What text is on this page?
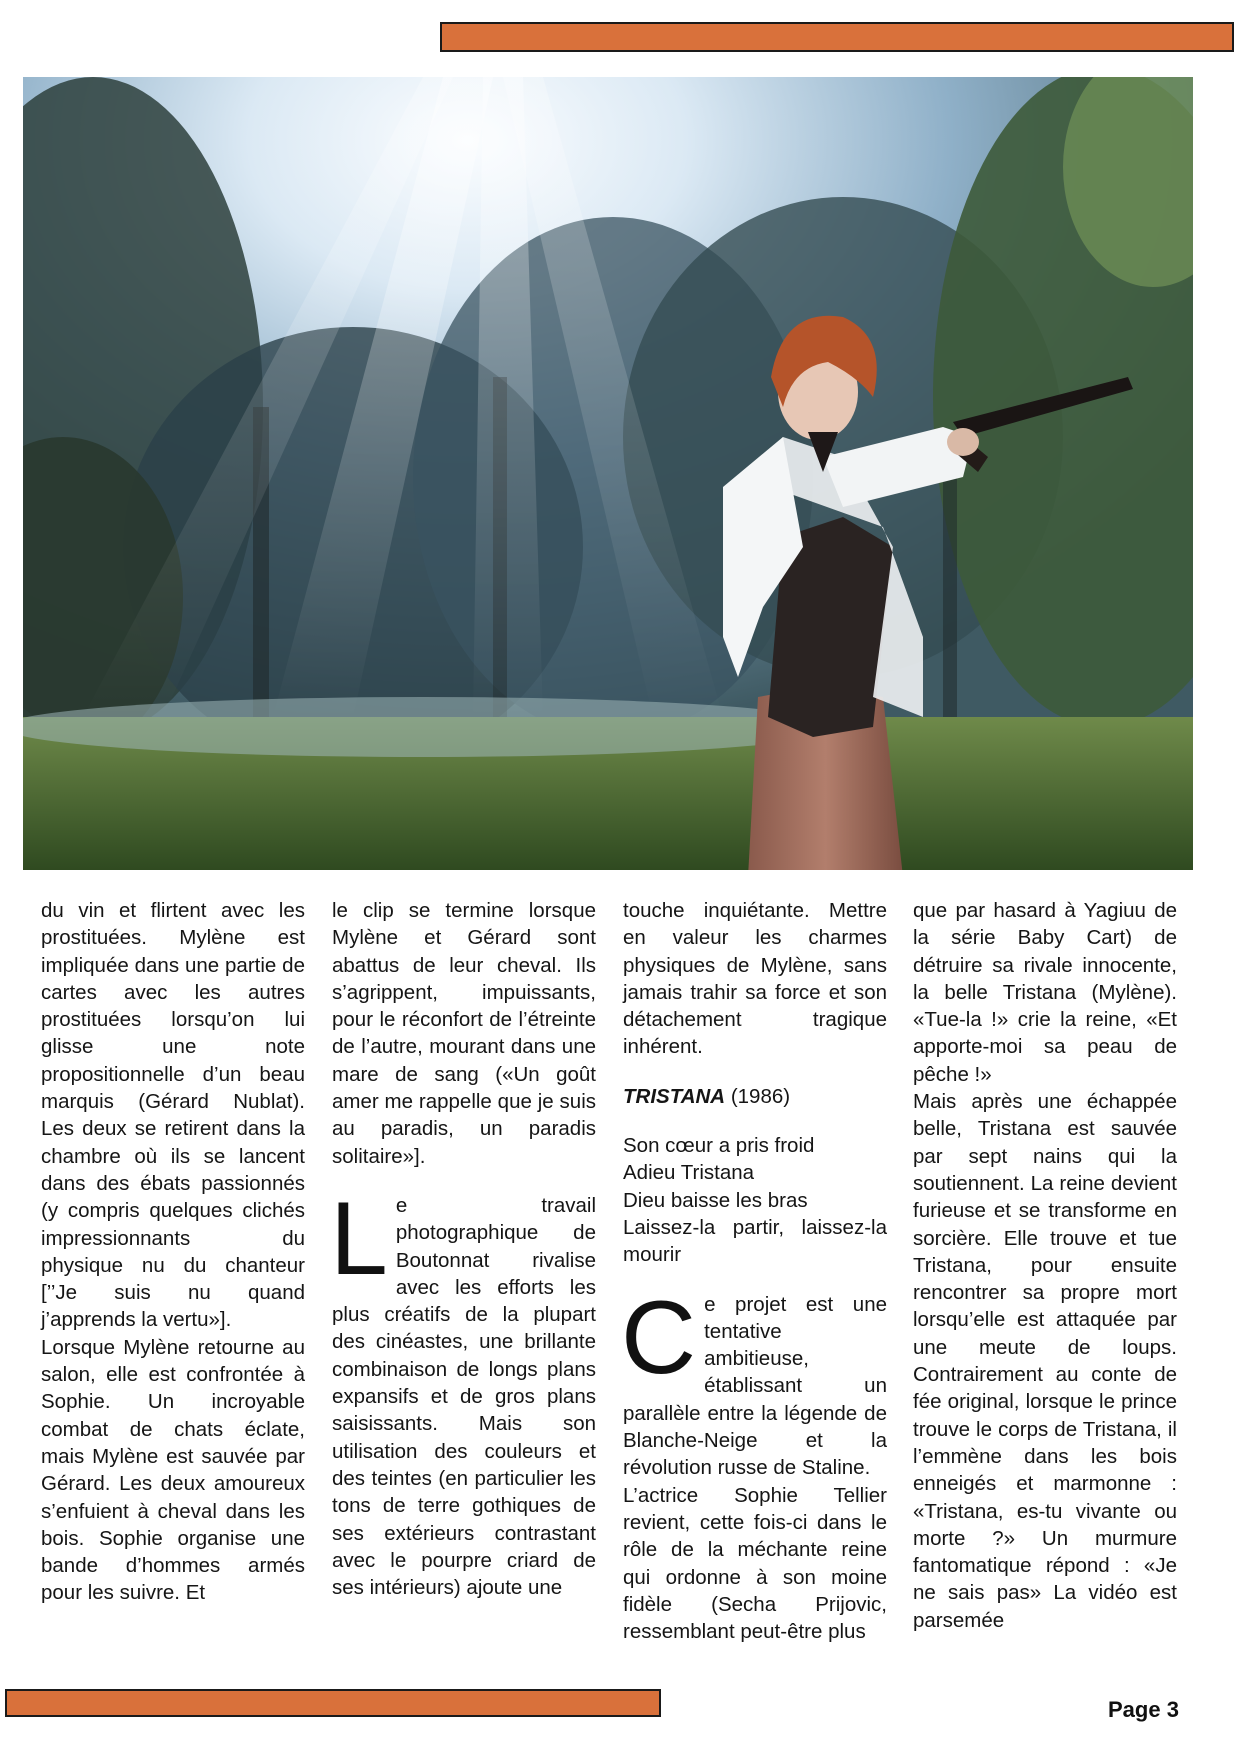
du vin et flirtent avec les prostituées. Mylène est impliquée dans une partie de cartes avec les autres prostituées lorsqu’on lui glisse une note propositionnelle d’un beau marquis (Gérard Nublat). Les deux se retirent dans la chambre où ils se lancent dans des ébats passionnés (y compris quelques clichés impressionnants du physique nu du chanteur [’’Je suis nu quand j’apprends la vertu»].

Lorsque Mylène retourne au salon, elle est confrontée à Sophie. Un incroyable combat de chats éclate, mais Mylène est sauvée par Gérard. Les deux amoureux s’enfuient à cheval dans les bois. Sophie organise une bande d’hommes armés pour les suivre. Et

le clip se termine lorsque Mylène et Gérard sont abattus de leur cheval. Ils s’agrippent, impuissants, pour le réconfort de l’étreinte de l’autre, mourant dans une mare de sang («Un goût amer me rappelle que je suis au paradis, un paradis solitaire»].

Le travail photographique de Boutonnat rivalise avec les efforts les plus créatifs de la plupart des cinéastes, une brillante combinaison de longs plans expansifs et de gros plans saisissants. Mais son utilisation des couleurs et des teintes (en particulier les tons de terre gothiques de ses extérieurs contrastant avec le pourpre criard de ses intérieurs) ajoute une

touche inquiétante. Mettre en valeur les charmes physiques de Mylène, sans jamais trahir sa force et son détachement tragique inhérent.

TRISTANA (1986)

Son cœur a pris froid
Adieu Tristana
Dieu baisse les bras
Laissez-la partir, laissez-la mourir

Ce projet est une tentative ambitieuse, établissant un parallèle entre la légende de Blanche-Neige et la révolution russe de Staline.

L’actrice Sophie Tellier revient, cette fois-ci dans le rôle de la méchante reine qui ordonne à son moine fidèle (Secha Prijovic, ressemblant peut-être plus

que par hasard à Yagiuu de la série Baby Cart) de détruire sa rivale innocente, la belle Tristana (Mylène). «Tue-la !» crie la reine, «Et apporte-moi sa peau de pêche !»

Mais après une échappée belle, Tristana est sauvée par sept nains qui la soutiennent. La reine devient furieuse et se transforme en sorcière. Elle trouve et tue Tristana, pour ensuite rencontrer sa propre mort lorsqu’elle est attaquée par une meute de loups. Contrairement au conte de fée original, lorsque le prince trouve le corps de Tristana, il l’emmène dans les bois enneigés et marmonne : «Tristana, es-tu vivante ou morte ?» Un murmure fantomatique répond : «Je ne sais pas» La vidéo est parsemée

Page 3
